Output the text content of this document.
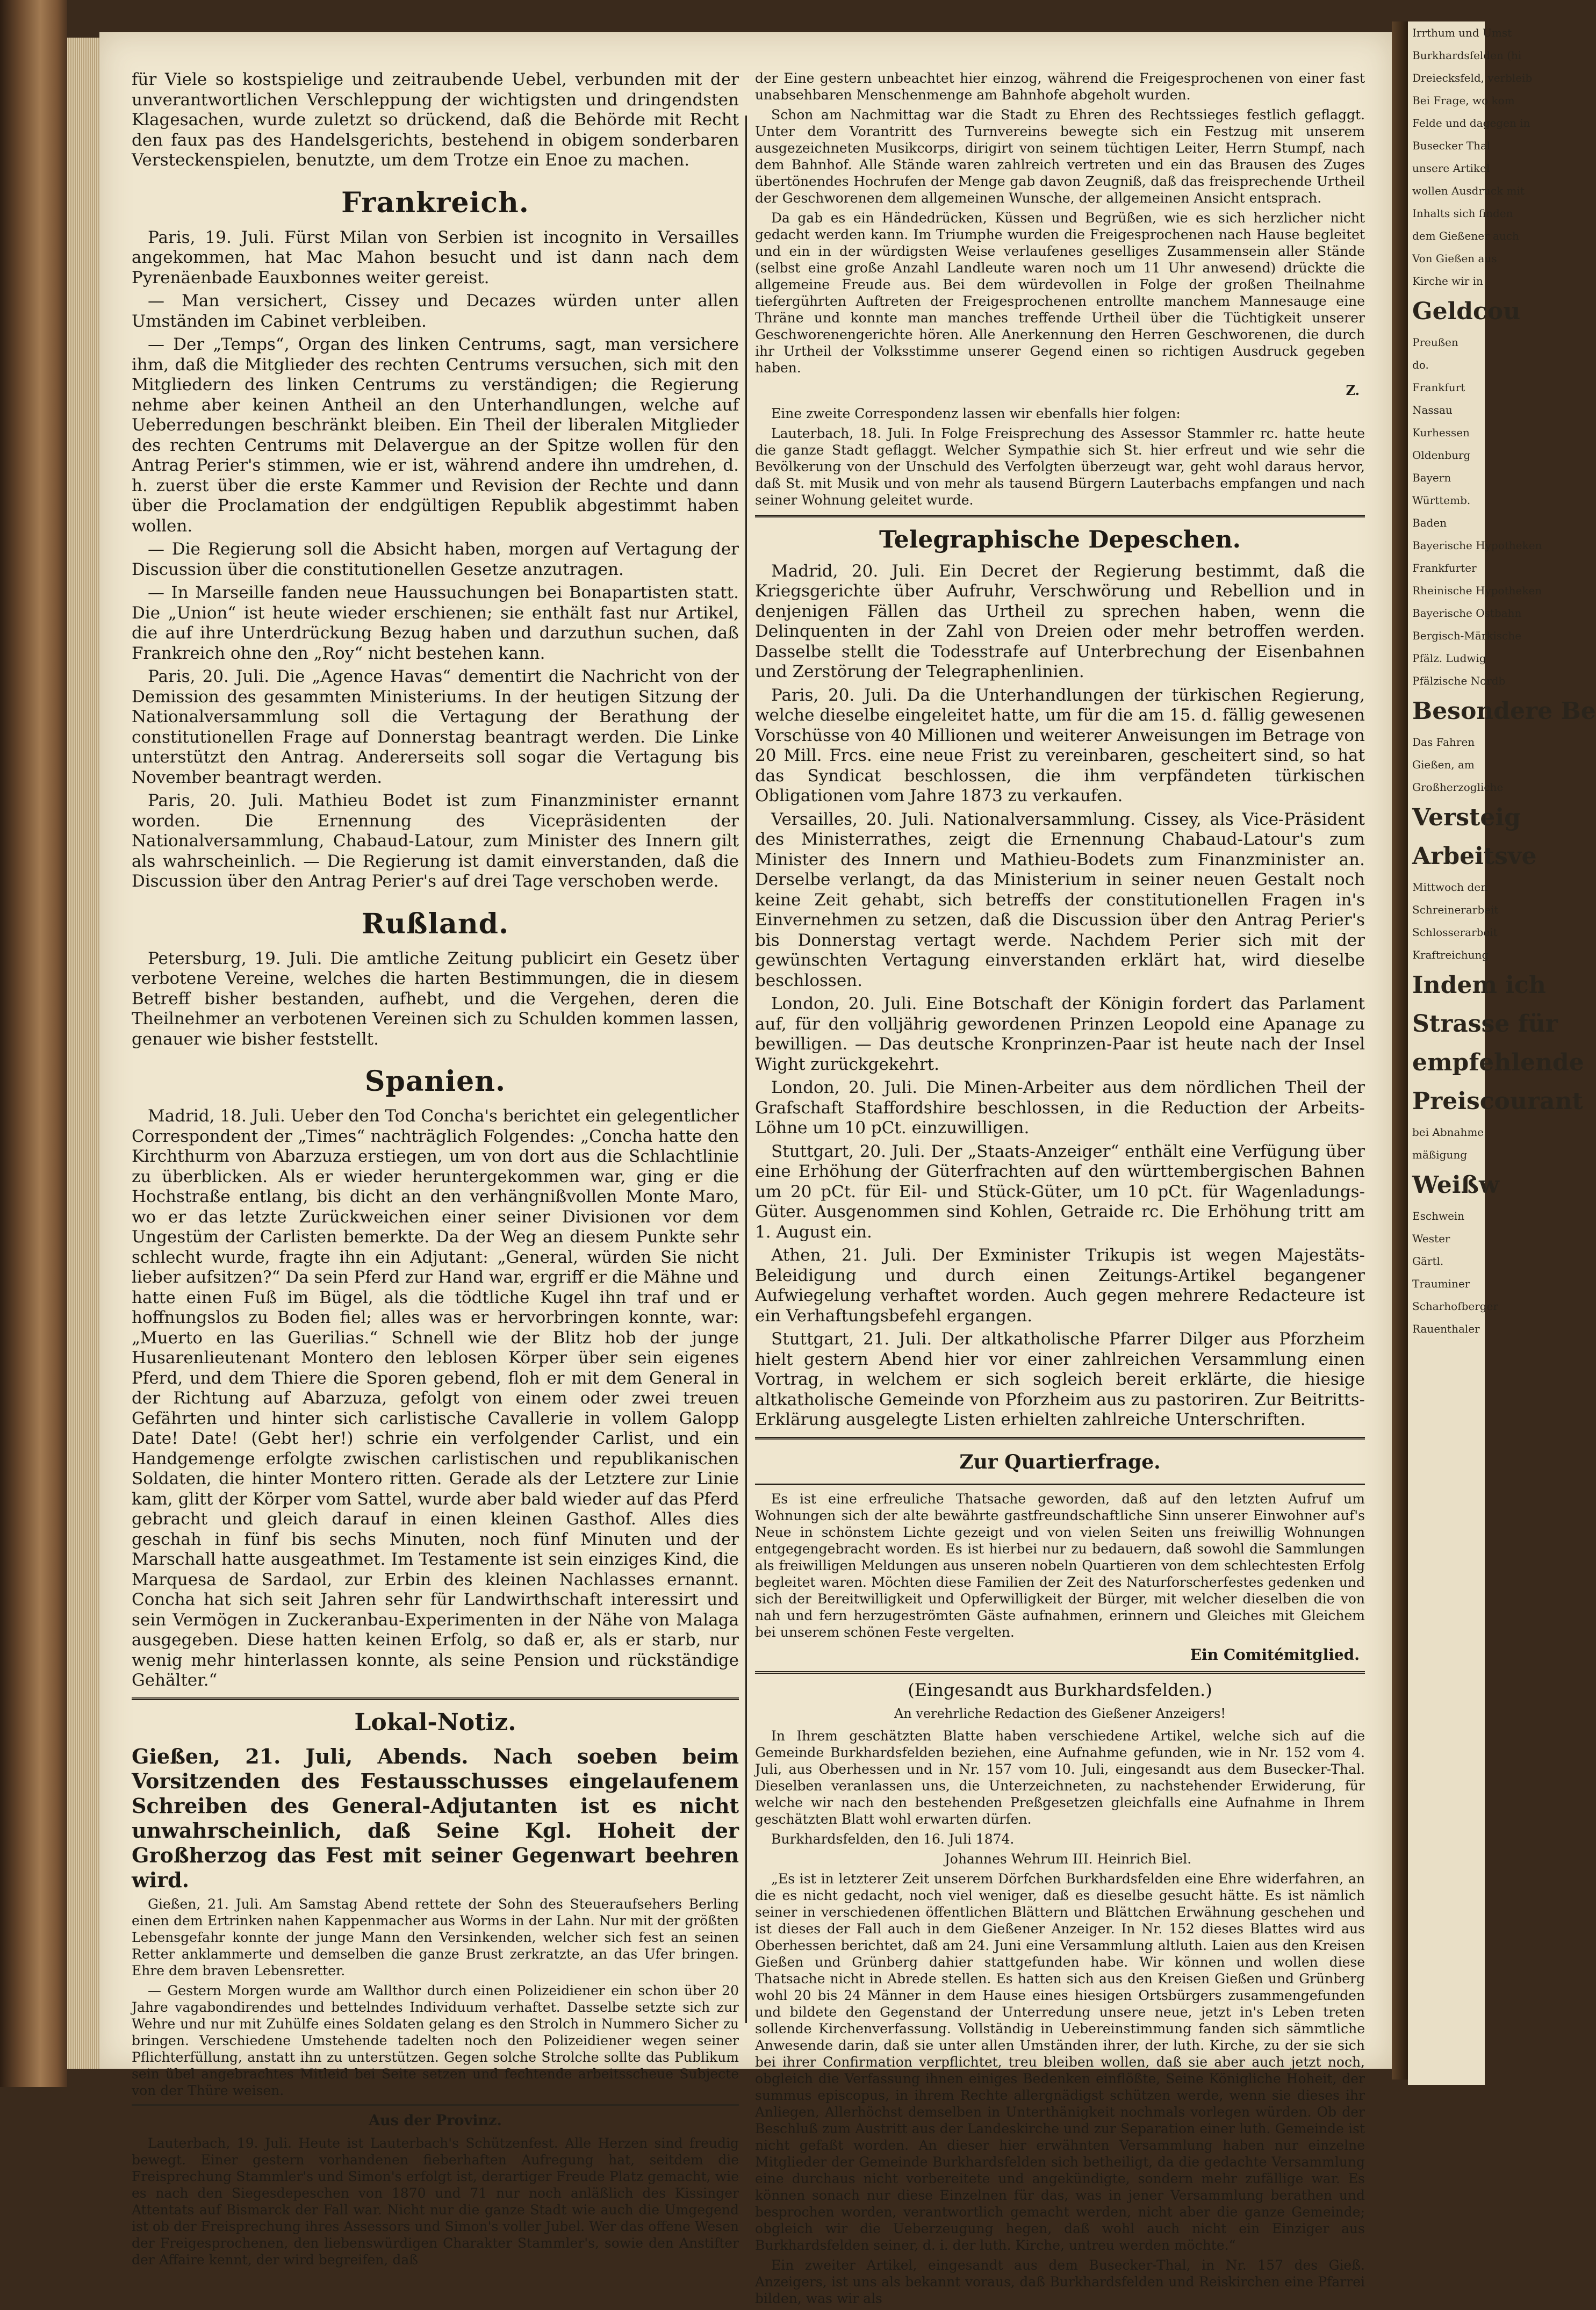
für Viele so kostspielige und zeitraubende Uebel, verbunden mit der unverantwortlichen Verschleppung der wichtigsten und dringendsten Klagesachen, wurde zuletzt so drückend, daß die Behörde mit Recht den faux pas des Handelsgerichts, bestehend in obigem sonderbaren Versteckenspielen, benutzte, um dem Trotze ein Enoe zu machen.

Frankreich.

Paris, 19. Juli. Fürst Milan von Serbien ist incognito in Versailles angekommen, hat Mac Mahon besucht und ist dann nach dem Pyrenäenbade Eauxbonnes weiter gereist.

— Man versichert, Cissey und Decazes würden unter allen Umständen im Cabinet verbleiben.

— Der „Temps“, Organ des linken Centrums, sagt, man versichere ihm, daß die Mitglieder des rechten Centrums versuchen, sich mit den Mitgliedern des linken Centrums zu verständigen; die Regierung nehme aber keinen Antheil an den Unterhandlungen, welche auf Ueberredungen beschränkt bleiben. Ein Theil der liberalen Mitglieder des rechten Centrums mit Delavergue an der Spitze wollen für den Antrag Perier's stimmen, wie er ist, während andere ihn umdrehen, d. h. zuerst über die erste Kammer und Revision der Rechte und dann über die Proclamation der endgültigen Republik abgestimmt haben wollen.

— Die Regierung soll die Absicht haben, morgen auf Vertagung der Discussion über die constitutionellen Gesetze anzutragen.

— In Marseille fanden neue Haussuchungen bei Bonapartisten statt. Die „Union“ ist heute wieder erschienen; sie enthält fast nur Artikel, die auf ihre Unterdrückung Bezug haben und darzuthun suchen, daß Frankreich ohne den „Roy“ nicht bestehen kann.

Paris, 20. Juli. Die „Agence Havas“ dementirt die Nachricht von der Demission des gesammten Ministeriums. In der heutigen Sitzung der Nationalversammlung soll die Vertagung der Berathung der constitutionellen Frage auf Donnerstag beantragt werden. Die Linke unterstützt den Antrag. Andererseits soll sogar die Vertagung bis November beantragt werden.

Paris, 20. Juli. Mathieu Bodet ist zum Finanzminister ernannt worden. Die Ernennung des Vicepräsidenten der Nationalversammlung, Chabaud-Latour, zum Minister des Innern gilt als wahrscheinlich. — Die Regierung ist damit einverstanden, daß die Discussion über den Antrag Perier's auf drei Tage verschoben werde.

Rußland.

Petersburg, 19. Juli. Die amtliche Zeitung publicirt ein Gesetz über verbotene Vereine, welches die harten Bestimmungen, die in diesem Betreff bisher bestanden, aufhebt, und die Vergehen, deren die Theilnehmer an verbotenen Vereinen sich zu Schulden kommen lassen, genauer wie bisher feststellt.

Spanien.

Madrid, 18. Juli. Ueber den Tod Concha's berichtet ein gelegentlicher Correspondent der „Times“ nachträglich Folgendes: „Concha hatte den Kirchthurm von Abarzuza erstiegen, um von dort aus die Schlachtlinie zu überblicken. Als er wieder heruntergekommen war, ging er die Hochstraße entlang, bis dicht an den verhängnißvollen Monte Maro, wo er das letzte Zurückweichen einer seiner Divisionen vor dem Ungestüm der Carlisten bemerkte. Da der Weg an diesem Punkte sehr schlecht wurde, fragte ihn ein Adjutant: „General, würden Sie nicht lieber aufsitzen?“ Da sein Pferd zur Hand war, ergriff er die Mähne und hatte einen Fuß im Bügel, als die tödtliche Kugel ihn traf und er hoffnungslos zu Boden fiel; alles was er hervorbringen konnte, war: „Muerto en las Guerilias.“ Schnell wie der Blitz hob der junge Husarenlieutenant Montero den leblosen Körper über sein eigenes Pferd, und dem Thiere die Sporen gebend, floh er mit dem General in der Richtung auf Abarzuza, gefolgt von einem oder zwei treuen Gefährten und hinter sich carlistische Cavallerie in vollem Galopp Date! Date! (Gebt her!) schrie ein verfolgender Carlist, und ein Handgemenge erfolgte zwischen carlistischen und republikanischen Soldaten, die hinter Montero ritten. Gerade als der Letztere zur Linie kam, glitt der Körper vom Sattel, wurde aber bald wieder auf das Pferd gebracht und gleich darauf in einen kleinen Gasthof. Alles dies geschah in fünf bis sechs Minuten, noch fünf Minuten und der Marschall hatte ausgeathmet. Im Testamente ist sein einziges Kind, die Marquesa de Sardaol, zur Erbin des kleinen Nachlasses ernannt. Concha hat sich seit Jahren sehr für Landwirthschaft interessirt und sein Vermögen in Zuckeranbau-Experimenten in der Nähe von Malaga ausgegeben. Diese hatten keinen Erfolg, so daß er, als er starb, nur wenig mehr hinterlassen konnte, als seine Pension und rückständige Gehälter.“

Lokal-Notiz.

Gießen, 21. Juli, Abends. Nach soeben beim Vorsitzenden des Festausschusses eingelaufenem Schreiben des General-Adjutanten ist es nicht unwahrscheinlich, daß Seine Kgl. Hoheit der Großherzog das Fest mit seiner Gegenwart beehren wird.

Gießen, 21. Juli. Am Samstag Abend rettete der Sohn des Steueraufsehers Berling einen dem Ertrinken nahen Kappenmacher aus Worms in der Lahn. Nur mit der größten Lebensgefahr konnte der junge Mann den Versinkenden, welcher sich fest an seinen Retter anklammerte und demselben die ganze Brust zerkratzte, an das Ufer bringen. Ehre dem braven Lebensretter.

— Gestern Morgen wurde am Wallthor durch einen Polizeidiener ein schon über 20 Jahre vagabondirendes und bettelndes Individuum verhaftet. Dasselbe setzte sich zur Wehre und nur mit Zuhülfe eines Soldaten gelang es den Strolch in Nummero Sicher zu bringen. Verschiedene Umstehende tadelten noch den Polizeidiener wegen seiner Pflichterfüllung, anstatt ihn zu unterstützen. Gegen solche Strolche sollte das Publikum sein übel angebrachtes Mitleid bei Seite setzen und fechtende arbeitsscheue Subjecte von der Thüre weisen.

Aus der Provinz.

Lauterbach, 19. Juli. Heute ist Lauterbach's Schützenfest. Alle Herzen sind freudig bewegt. Einer gestern vorhandenen fieberhaften Aufregung hat, seitdem die Freisprechung Stammler's und Simon's erfolgt ist, derartiger Freude Platz gemacht, wie es nach den Siegesdepeschen von 1870 und 71 nur noch anläßlich des Kissinger Attentats auf Bismarck der Fall war. Nicht nur die ganze Stadt wie auch die Umgegend ist ob der Freisprechung ihres Assessors und Simon's voller Jubel. Wer das offene Wesen der Freigesprochenen, den liebenswürdigen Charakter Stammler's, sowie den Anstifter der Affaire kennt, der wird begreifen, daß

der Eine gestern unbeachtet hier einzog, während die Freigesprochenen von einer fast unabsehbaren Menschenmenge am Bahnhofe abgeholt wurden.

Schon am Nachmittag war die Stadt zu Ehren des Rechtssieges festlich geflaggt. Unter dem Vorantritt des Turnvereins bewegte sich ein Festzug mit unserem ausgezeichneten Musikcorps, dirigirt von seinem tüchtigen Leiter, Herrn Stumpf, nach dem Bahnhof. Alle Stände waren zahlreich vertreten und ein das Brausen des Zuges übertönendes Hochrufen der Menge gab davon Zeugniß, daß das freisprechende Urtheil der Geschworenen dem allgemeinen Wunsche, der allgemeinen Ansicht entsprach.

Da gab es ein Händedrücken, Küssen und Begrüßen, wie es sich herzlicher nicht gedacht werden kann. Im Triumphe wurden die Freigesprochenen nach Hause begleitet und ein in der würdigsten Weise verlaufenes geselliges Zusammensein aller Stände (selbst eine große Anzahl Landleute waren noch um 11 Uhr anwesend) drückte die allgemeine Freude aus. Bei dem würdevollen in Folge der großen Theilnahme tiefergührten Auftreten der Freigesprochenen entrollte manchem Mannesauge eine Thräne und konnte man manches treffende Urtheil über die Tüchtigkeit unserer Geschworenengerichte hören. Alle Anerkennung den Herren Geschworenen, die durch ihr Urtheil der Volksstimme unserer Gegend einen so richtigen Ausdruck gegeben haben.

Z.

Eine zweite Correspondenz lassen wir ebenfalls hier folgen:

Lauterbach, 18. Juli. In Folge Freisprechung des Assessor Stammler rc. hatte heute die ganze Stadt geflaggt. Welcher Sympathie sich St. hier erfreut und wie sehr die Bevölkerung von der Unschuld des Verfolgten überzeugt war, geht wohl daraus hervor, daß St. mit Musik und von mehr als tausend Bürgern Lauterbachs empfangen und nach seiner Wohnung geleitet wurde.

Telegraphische Depeschen.

Madrid, 20. Juli. Ein Decret der Regierung bestimmt, daß die Kriegsgerichte über Aufruhr, Verschwörung und Rebellion und in denjenigen Fällen das Urtheil zu sprechen haben, wenn die Delinquenten in der Zahl von Dreien oder mehr betroffen werden. Dasselbe stellt die Todesstrafe auf Unterbrechung der Eisenbahnen und Zerstörung der Telegraphenlinien.

Paris, 20. Juli. Da die Unterhandlungen der türkischen Regierung, welche dieselbe eingeleitet hatte, um für die am 15. d. fällig gewesenen Vorschüsse von 40 Millionen und weiterer Anweisungen im Betrage von 20 Mill. Frcs. eine neue Frist zu vereinbaren, gescheitert sind, so hat das Syndicat beschlossen, die ihm verpfändeten türkischen Obligationen vom Jahre 1873 zu verkaufen.

Versailles, 20. Juli. Nationalversammlung. Cissey, als Vice-Präsident des Ministerrathes, zeigt die Ernennung Chabaud-Latour's zum Minister des Innern und Mathieu-Bodets zum Finanzminister an. Derselbe verlangt, da das Ministerium in seiner neuen Gestalt noch keine Zeit gehabt, sich betreffs der constitutionellen Fragen in's Einvernehmen zu setzen, daß die Discussion über den Antrag Perier's bis Donnerstag vertagt werde. Nachdem Perier sich mit der gewünschten Vertagung einverstanden erklärt hat, wird dieselbe beschlossen.

London, 20. Juli. Eine Botschaft der Königin fordert das Parlament auf, für den volljährig gewordenen Prinzen Leopold eine Apanage zu bewilligen. — Das deutsche Kronprinzen-Paar ist heute nach der Insel Wight zurückgekehrt.

London, 20. Juli. Die Minen-Arbeiter aus dem nördlichen Theil der Grafschaft Staffordshire beschlossen, in die Reduction der Arbeits-Löhne um 10 pCt. einzuwilligen.

Stuttgart, 20. Juli. Der „Staats-Anzeiger“ enthält eine Verfügung über eine Erhöhung der Güterfrachten auf den württembergischen Bahnen um 20 pCt. für Eil- und Stück-Güter, um 10 pCt. für Wagenladungs-Güter. Ausgenommen sind Kohlen, Getraide rc. Die Erhöhung tritt am 1. August ein.

Athen, 21. Juli. Der Exminister Trikupis ist wegen Majestäts-Beleidigung und durch einen Zeitungs-Artikel begangener Aufwiegelung verhaftet worden. Auch gegen mehrere Redacteure ist ein Verhaftungsbefehl ergangen.

Stuttgart, 21. Juli. Der altkatholische Pfarrer Dilger aus Pforzheim hielt gestern Abend hier vor einer zahlreichen Versammlung einen Vortrag, in welchem er sich sogleich bereit erklärte, die hiesige altkatholische Gemeinde von Pforzheim aus zu pastoriren. Zur Beitritts-Erklärung ausgelegte Listen erhielten zahlreiche Unterschriften.

Zur Quartierfrage.

Es ist eine erfreuliche Thatsache geworden, daß auf den letzten Aufruf um Wohnungen sich der alte bewährte gastfreundschaftliche Sinn unserer Einwohner auf's Neue in schönstem Lichte gezeigt und von vielen Seiten uns freiwillig Wohnungen entgegengebracht worden. Es ist hierbei nur zu bedauern, daß sowohl die Sammlungen als freiwilligen Meldungen aus unseren nobeln Quartieren von dem schlechtesten Erfolg begleitet waren. Möchten diese Familien der Zeit des Naturforscherfestes gedenken und sich der Bereitwilligkeit und Opferwilligkeit der Bürger, mit welcher dieselben die von nah und fern herzugeströmten Gäste aufnahmen, erinnern und Gleiches mit Gleichem bei unserem schönen Feste vergelten.

Ein Comitémitglied.
(Eingesandt aus Burkhardsfelden.)
An verehrliche Redaction des Gießener Anzeigers!

In Ihrem geschätzten Blatte haben verschiedene Artikel, welche sich auf die Gemeinde Burkhardsfelden beziehen, eine Aufnahme gefunden, wie in Nr. 152 vom 4. Juli, aus Oberhessen und in Nr. 157 vom 10. Juli, eingesandt aus dem Busecker-Thal. Dieselben veranlassen uns, die Unterzeichneten, zu nachstehender Erwiderung, für welche wir nach den bestehenden Preßgesetzen gleichfalls eine Aufnahme in Ihrem geschätzten Blatt wohl erwarten dürfen.

Burkhardsfelden, den 16. Juli 1874.

Johannes Wehrum III. Heinrich Biel.

„Es ist in letzterer Zeit unserem Dörfchen Burkhardsfelden eine Ehre widerfahren, an die es nicht gedacht, noch viel weniger, daß es dieselbe gesucht hätte. Es ist nämlich seiner in verschiedenen öffentlichen Blättern und Blättchen Erwähnung geschehen und ist dieses der Fall auch in dem Gießener Anzeiger. In Nr. 152 dieses Blattes wird aus Oberhessen berichtet, daß am 24. Juni eine Versammlung altluth. Laien aus den Kreisen Gießen und Grünberg dahier stattgefunden habe. Wir können und wollen diese Thatsache nicht in Abrede stellen. Es hatten sich aus den Kreisen Gießen und Grünberg wohl 20 bis 24 Männer in dem Hause eines hiesigen Ortsbürgers zusammengefunden und bildete den Gegenstand der Unterredung unsere neue, jetzt in's Leben treten sollende Kirchenverfassung. Vollständig in Uebereinstimmung fanden sich sämmtliche Anwesende darin, daß sie unter allen Umständen ihrer, der luth. Kirche, zu der sie sich bei ihrer Confirmation verpflichtet, treu bleiben wollen, daß sie aber auch jetzt noch, obgleich die Verfassung ihnen einiges Bedenken einflößte, Seine Königliche Hoheit, der summus episcopus, in ihrem Rechte allergnädigst schützen werde, wenn sie dieses ihr Anliegen, Allerhöchst demselben in Unterthänigkeit nochmals vorlegen würden. Ob der Beschluß zum Austritt aus der Landeskirche und zur Separation einer luth. Gemeinde ist nicht gefaßt worden. An dieser hier erwähnten Versammlung haben nur einzelne Mitglieder der Gemeinde Burkhardsfelden sich betheiligt, da die gedachte Versammlung eine durchaus nicht vorbereitete und angekündigte, sondern mehr zufällige war. Es können sonach nur diese Einzelnen für das, was in jener Versammlung berathen und besprochen worden, verantwortlich gemacht werden, nicht aber die ganze Gemeinde; obgleich wir die Ueberzeugung hegen, daß wohl auch nicht ein Einziger aus Burkhardsfelden seiner, d. i. der luth. Kirche, untreu werden möchte.“

Ein zweiter Artikel, eingesandt aus dem Busecker-Thal, in Nr. 157 des Gieß. Anzeigers, ist uns als bekannt voraus, daß Burkhardsfelden und Reiskirchen eine Pfarrei bilden, was wir als

Irrthum und Umst
Burkhardsfelden (hi
Dreiecksfeld, verbleib
Bei Frage, wo kom
Felde und dagegen in
Busecker Thal
unsere Artikel
wollen Ausdruck mit
Inhalts sich finden
dem Gießener auch
Von Gießen aus
Kirche wir in
Geldcou
Preußen
do.
Frankfurt
Nassau
Kurhessen
Oldenburg
Bayern
Württemb.
Baden
Bayerische Hypotheken
Frankfurter
Rheinische Hypotheken
Bayerische Ostbahn
Bergisch-Märkische
Pfälz. Ludwig
Pfälzische Nordb
Besondere Be
Das Fahren
Gießen, am
Großherzogliche
Versteig
Arbeitsve
Mittwoch den
Schreinerarbeit
Schlosserarbeit
Kraftreichung
Indem ich
Strasse für
empfehlende
Preiscourant
bei Abnahme
mäßigung
Weißw
Eschwein
Wester
Gärtl.
Trauminer
Scharhofberger
Rauenthaler
